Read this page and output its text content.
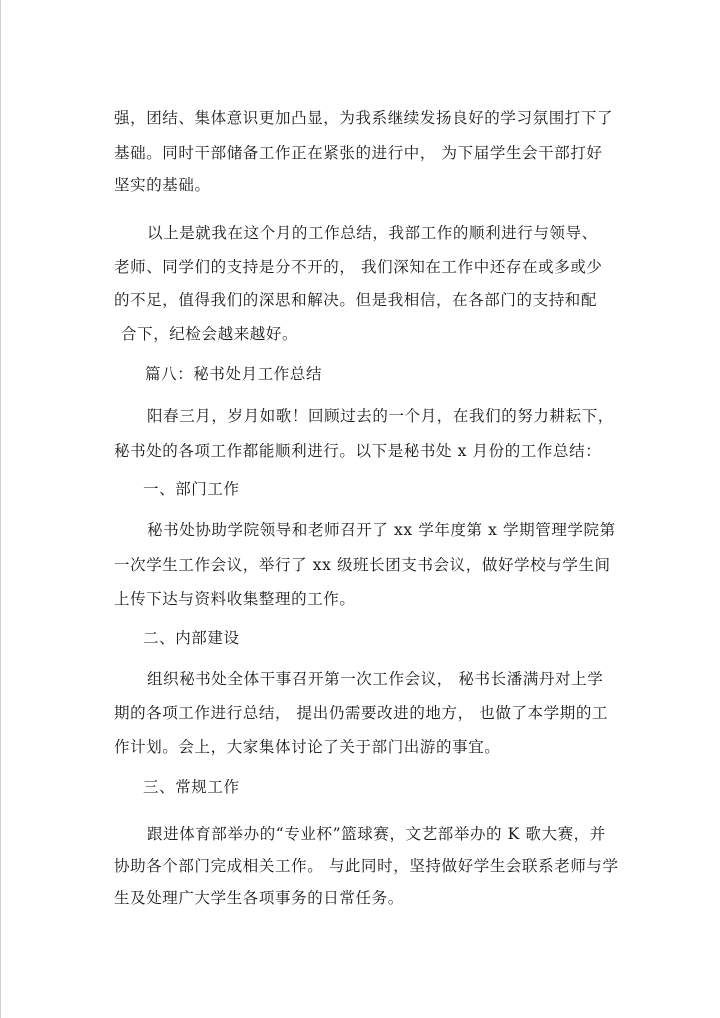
强，团结、集体意识更加凸显，为我系继续发扬良好的学习氛围打下了
基础。同时干部储备工作正在紧张的进行中， 为下届学生会干部打好
坚实的基础。
以上是就我在这个月的工作总结，我部工作的顺利进行与领导、
老师、同学们的支持是分不开的， 我们深知在工作中还存在或多或少
的不足，值得我们的深思和解决。但是我相信，在各部门的支持和配
合下，纪检会越来越好。
篇八：秘书处月工作总结
阳春三月，岁月如歌！回顾过去的一个月，在我们的努力耕耘下，
秘书处的各项工作都能顺利进行。以下是秘书处 x 月份的工作总结：
一、部门工作
秘书处协助学院领导和老师召开了 xx 学年度第 x 学期管理学院第
一次学生工作会议，举行了 xx 级班长团支书会议，做好学校与学生间
上传下达与资料收集整理的工作。
二、内部建设
组织秘书处全体干事召开第一次工作会议， 秘书长潘满丹对上学
期的各项工作进行总结， 提出仍需要改进的地方， 也做了本学期的工
作计划。会上，大家集体讨论了关于部门出游的事宜。
三、常规工作
跟进体育部举办的“专业杯”篮球赛，文艺部举办的 K 歌大赛，并
协助各个部门完成相关工作。 与此同时，坚持做好学生会联系老师与学
生及处理广大学生各项事务的日常任务。
